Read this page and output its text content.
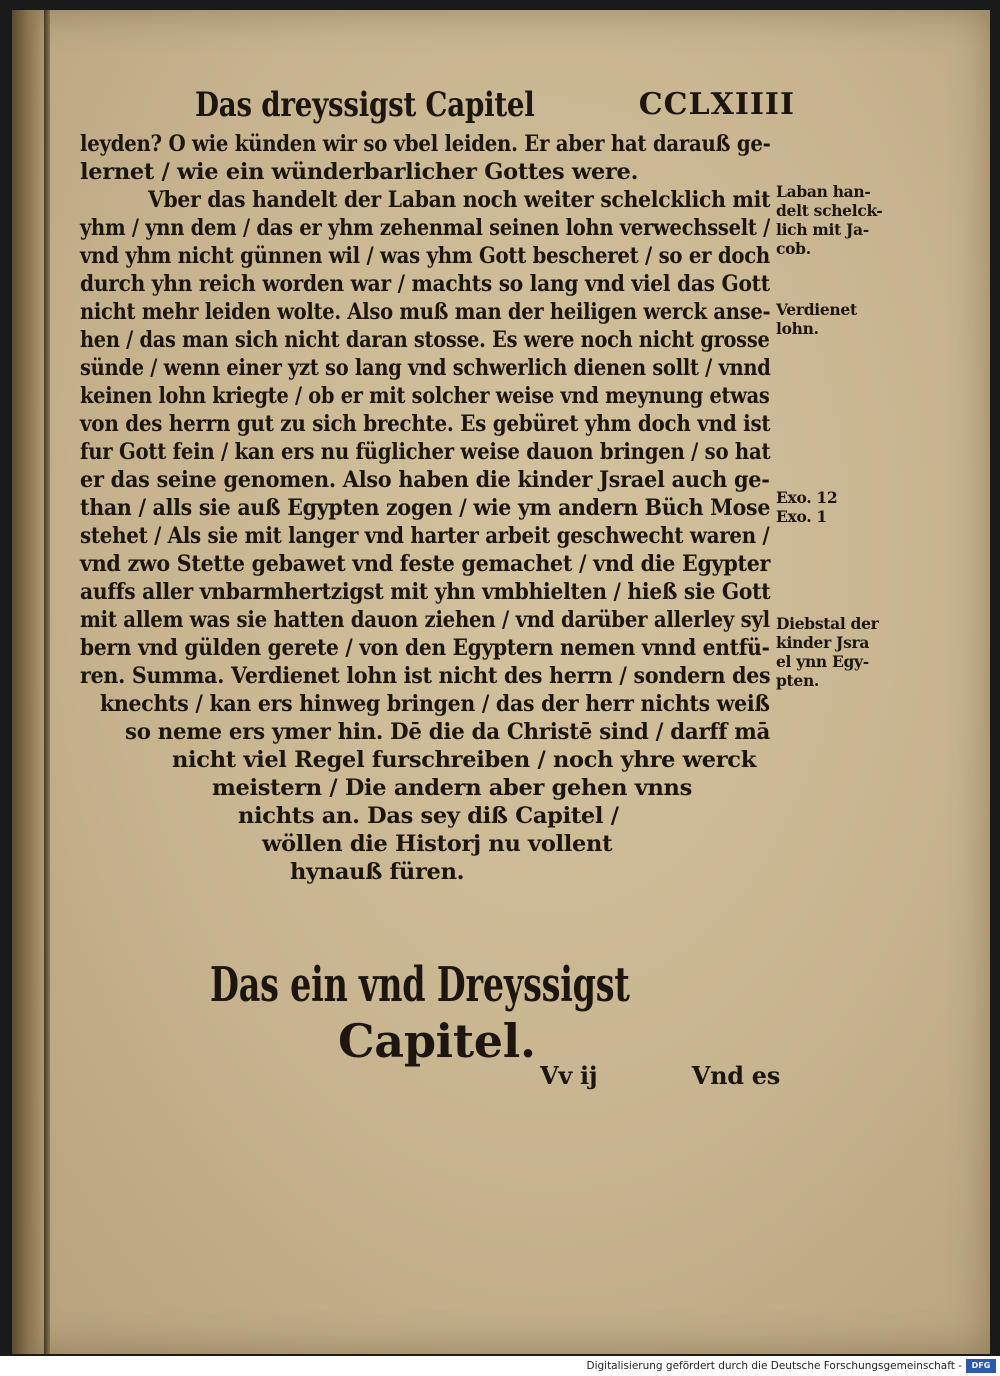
Das dreyssigst Capitel	CCLXIIII
leyden? O wie künden wir so vbel leiden. Er aber hat darauß ge-
lernet / wie ein wünderbarlicher Gottes were.
Vber das handelt der Laban noch weiter schelcklich mit
yhm / ynn dem / das er yhm zehenmal seinen lohn verwechsselt /
vnd yhm nicht günnen wil / was yhm Gott bescheret / so er doch
durch yhn reich worden war / machts so lang vnd viel das Gott
nicht mehr leiden wolte. Also muß man der heiligen werck anse-
hen / das man sich nicht daran stosse. Es were noch nicht grosse
sünde / wenn einer yzt so lang vnd schwerlich dienen sollt / vnnd
keinen lohn kriegte / ob er mit solcher weise vnd meynung etwas
von des herrn gut zu sich brechte. Es gebüret yhm doch vnd ist
fur Gott fein / kan ers nu füglicher weise dauon bringen / so hat
er das seine genomen. Also haben die kinder Jsrael auch ge-
than / alls sie auß Egypten zogen / wie ym andern Büch Mose
stehet / Als sie mit langer vnd harter arbeit geschwecht waren /
vnd zwo Stette gebawet vnd feste gemachet / vnd die Egypter
auffs aller vnbarmhertzigst mit yhn vmbhielten / hieß sie Gott
mit allem was sie hatten dauon ziehen / vnd darüber allerley syl
bern vnd gülden gerete / von den Egyptern nemen vnnd entfü-
ren. Summa. Verdienet lohn ist nicht des herrn / sondern des
knechts / kan ers hinweg bringen / das der herr nichts weiß
so neme ers ymer hin. Dē die da Christē sind / darff mā
nicht viel Regel furschreiben / noch yhre werck
meistern / Die andern aber gehen vnns
nichts an. Das sey diß Capitel /
wöllen die Historj nu vollent
hynauß füren.
Laban han-
delt schelck-
lich mit Ja-
cob.
Verdienet
lohn.
Exo. 12
Exo. 1
Diebstal der
kinder Jsra
el ynn Egy-
pten.
Das ein vnd Dreyssigst
Capitel.
Vv ij	Vnd es
Digitalisierung gefördert durch die Deutsche Forschungsgemeinschaft -	DFG
